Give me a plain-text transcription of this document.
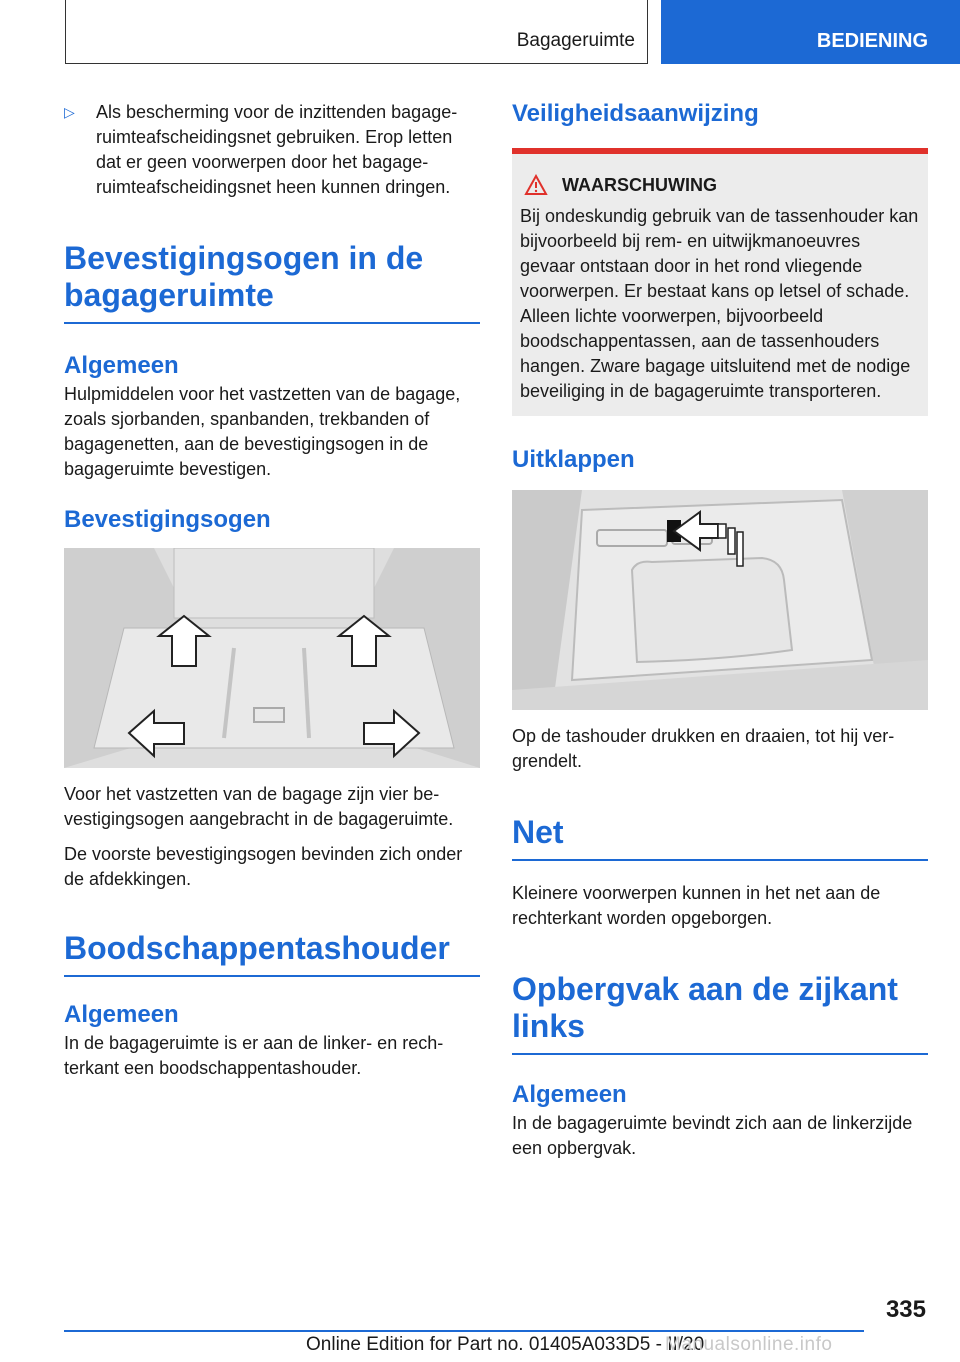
Bagageruimte	BEDIENING
▷	Als bescherming voor de inzittenden bagageruimteafscheidingsnet gebruiken. Erop letten dat er geen voorwerpen door het bagageruimteafscheidingsnet heen kunnen dringen.
Bevestigingsogen in de bagageruimte
Algemeen

Hulpmiddelen voor het vastzetten van de bagage, zoals sjorbanden, spanbanden, trekbanden of bagagenetten, aan de bevestigingsogen in de bagageruimte bevestigen.

Bevestigingsogen

Voor het vastzetten van de bagage zijn vier bevestigingsogen aangebracht in de bagageruimte.

De voorste bevestigingsogen bevinden zich onder de afdekkingen.

Boodschappentashouder
Algemeen

In de bagageruimte is er aan de linker- en rechterkant een boodschappentashouder.

Veiligheidsaanwijzing
WAARSCHUWING

Bij ondeskundig gebruik van de tassenhouder kan bijvoorbeeld bij rem- en uitwijkmanoeuvres gevaar ontstaan door in het rond vliegende voorwerpen. Er bestaat kans op letsel of schade. Alleen lichte voorwerpen, bijvoorbeeld boodschappentassen, aan de tassenhouders hangen. Zware bagage uitsluitend met de nodige beveiliging in de bagageruimte transporteren.

Uitklappen

Op de tashouder drukken en draaien, tot hij vergrendelt.

Net

Kleinere voorwerpen kunnen in het net aan de rechterkant worden opgeborgen.

Opbergvak aan de zijkant links
Algemeen

In de bagageruimte bevindt zich aan de linkerzijde een opbergvak.

335
Online Edition for Part no. 01405A033D5 - II/20
Manualsonline.info
